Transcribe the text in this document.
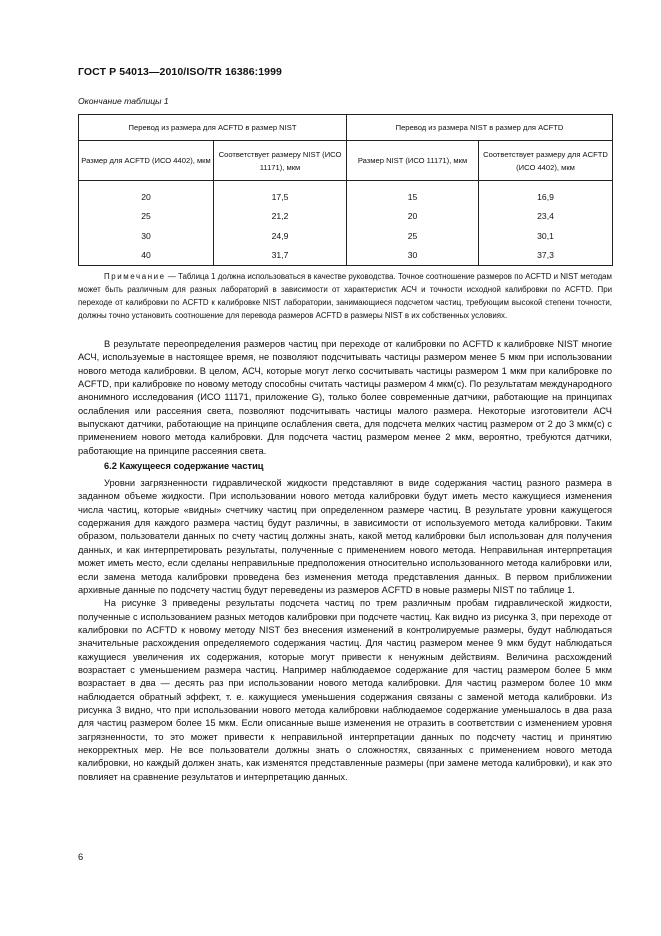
ГОСТ Р 54013—2010/ISO/TR 16386:1999
Окончание таблицы 1
Перевод из размера для ACFTD в размер NIST		Перевод из размера NIST в размер для ACFTD	
Размер для ACFTD (ИСО 4402), мкм	Соответствует размеру NIST (ИСО 11171), мкм	Размер NIST (ИСО 11171), мкм	Соответствует размеру для ACFTD (ИСО 4402), мкм
20	17,5	15	16,9
25	21,2	20	23,4
30	24,9	25	30,1
40	31,7	30	37,3

Примечание — Таблица 1 должна использоваться в качестве руководства. Точное соотношение размеров по ACFTD и NIST методам может быть различным для разных лабораторий в зависимости от характеристик АСЧ и точности исходной калибровки по ACFTD. При переходе от калибровки по ACFTD к калибровке NIST лаборатории, занимающиеся подсчетом частиц, требующим высокой степени точности, должны точно установить соотношение для перевода размеров ACFTD в размеры NIST в их собственных условиях.

В результате переопределения размеров частиц при переходе от калибровки по ACFTD к калибровке NIST многие АСЧ, используемые в настоящее время, не позволяют подсчитывать частицы размером менее 5 мкм при использовании нового метода калибровки. В целом, АСЧ, которые могут легко сосчитывать частицы размером 1 мкм при калибровке по ACFTD, при калибровке по новому методу способны считать частицы размером 4 мкм(с). По результатам международного анонимного исследования (ИСО 11171, приложение G), только более современные датчики, работающие на принципах ослабления или рассеяния света, позволяют подсчитывать частицы малого размера. Некоторые изготовители АСЧ выпускают датчики, работающие на принципе ослабления света, для подсчета мелких частиц размером от 2 до 3 мкм(с) с применением нового метода калибровки. Для подсчета частиц размером менее 2 мкм, вероятно, требуются датчики, работающие на принципе рассеяния света.

6.2 Кажущееся содержание частиц

Уровни загрязненности гидравлической жидкости представляют в виде содержания частиц разного размера в заданном объеме жидкости. При использовании нового метода калибровки будут иметь место кажущиеся изменения числа частиц, которые «видны» счетчику частиц при определенном размере частиц. В результате уровни кажущегося содержания для каждого размера частиц будут различны, в зависимости от используемого метода калибровки. Таким образом, пользователи данных по счету частиц должны знать, какой метод калибровки был использован для получения данных, и как интерпретировать результаты, полученные с применением нового метода. Неправильная интерпретация может иметь место, если сделаны неправильные предположения относительно использованного метода калибровки или, если замена метода калибровки проведена без изменения метода представления данных. В первом приближении архивные данные по подсчету частиц будут переведены из размеров ACFTD в новые размеры NIST по таблице 1.

На рисунке 3 приведены результаты подсчета частиц по трем различным пробам гидравлической жидкости, полученные с использованием разных методов калибровки при подсчете частиц. Как видно из рисунка 3, при переходе от калибровки по ACFTD к новому методу NIST без внесения изменений в контролируемые размеры, будут наблюдаться значительные расхождения определяемого содержания частиц. Для частиц размером менее 9 мкм будут наблюдаться кажущиеся увеличения их содержания, которые могут привести к ненужным действиям. Величина расхождений возрастает с уменьшением размера частиц. Например наблюдаемое содержание для частиц размером более 5 мкм возрастает в два — десять раз при использовании нового метода калибровки. Для частиц размером более 10 мкм наблюдается обратный эффект, т. е. кажущиеся уменьшения содержания связаны с заменой метода калибровки. Из рисунка 3 видно, что при использовании нового метода калибровки наблюдаемое содержание уменьшалось в два раза для частиц размером более 15 мкм. Если описанные выше изменения не отразить в соответствии с изменением уровня загрязненности, то это может привести к неправильной интерпретации данных по подсчету частиц и принятию некорректных мер. Не все пользователи должны знать о сложностях, связанных с применением нового метода калибровки, но каждый должен знать, как изменятся представленные размеры (при замене метода калибровки), и как это повлияет на сравнение результатов и интерпретацию данных.

6
